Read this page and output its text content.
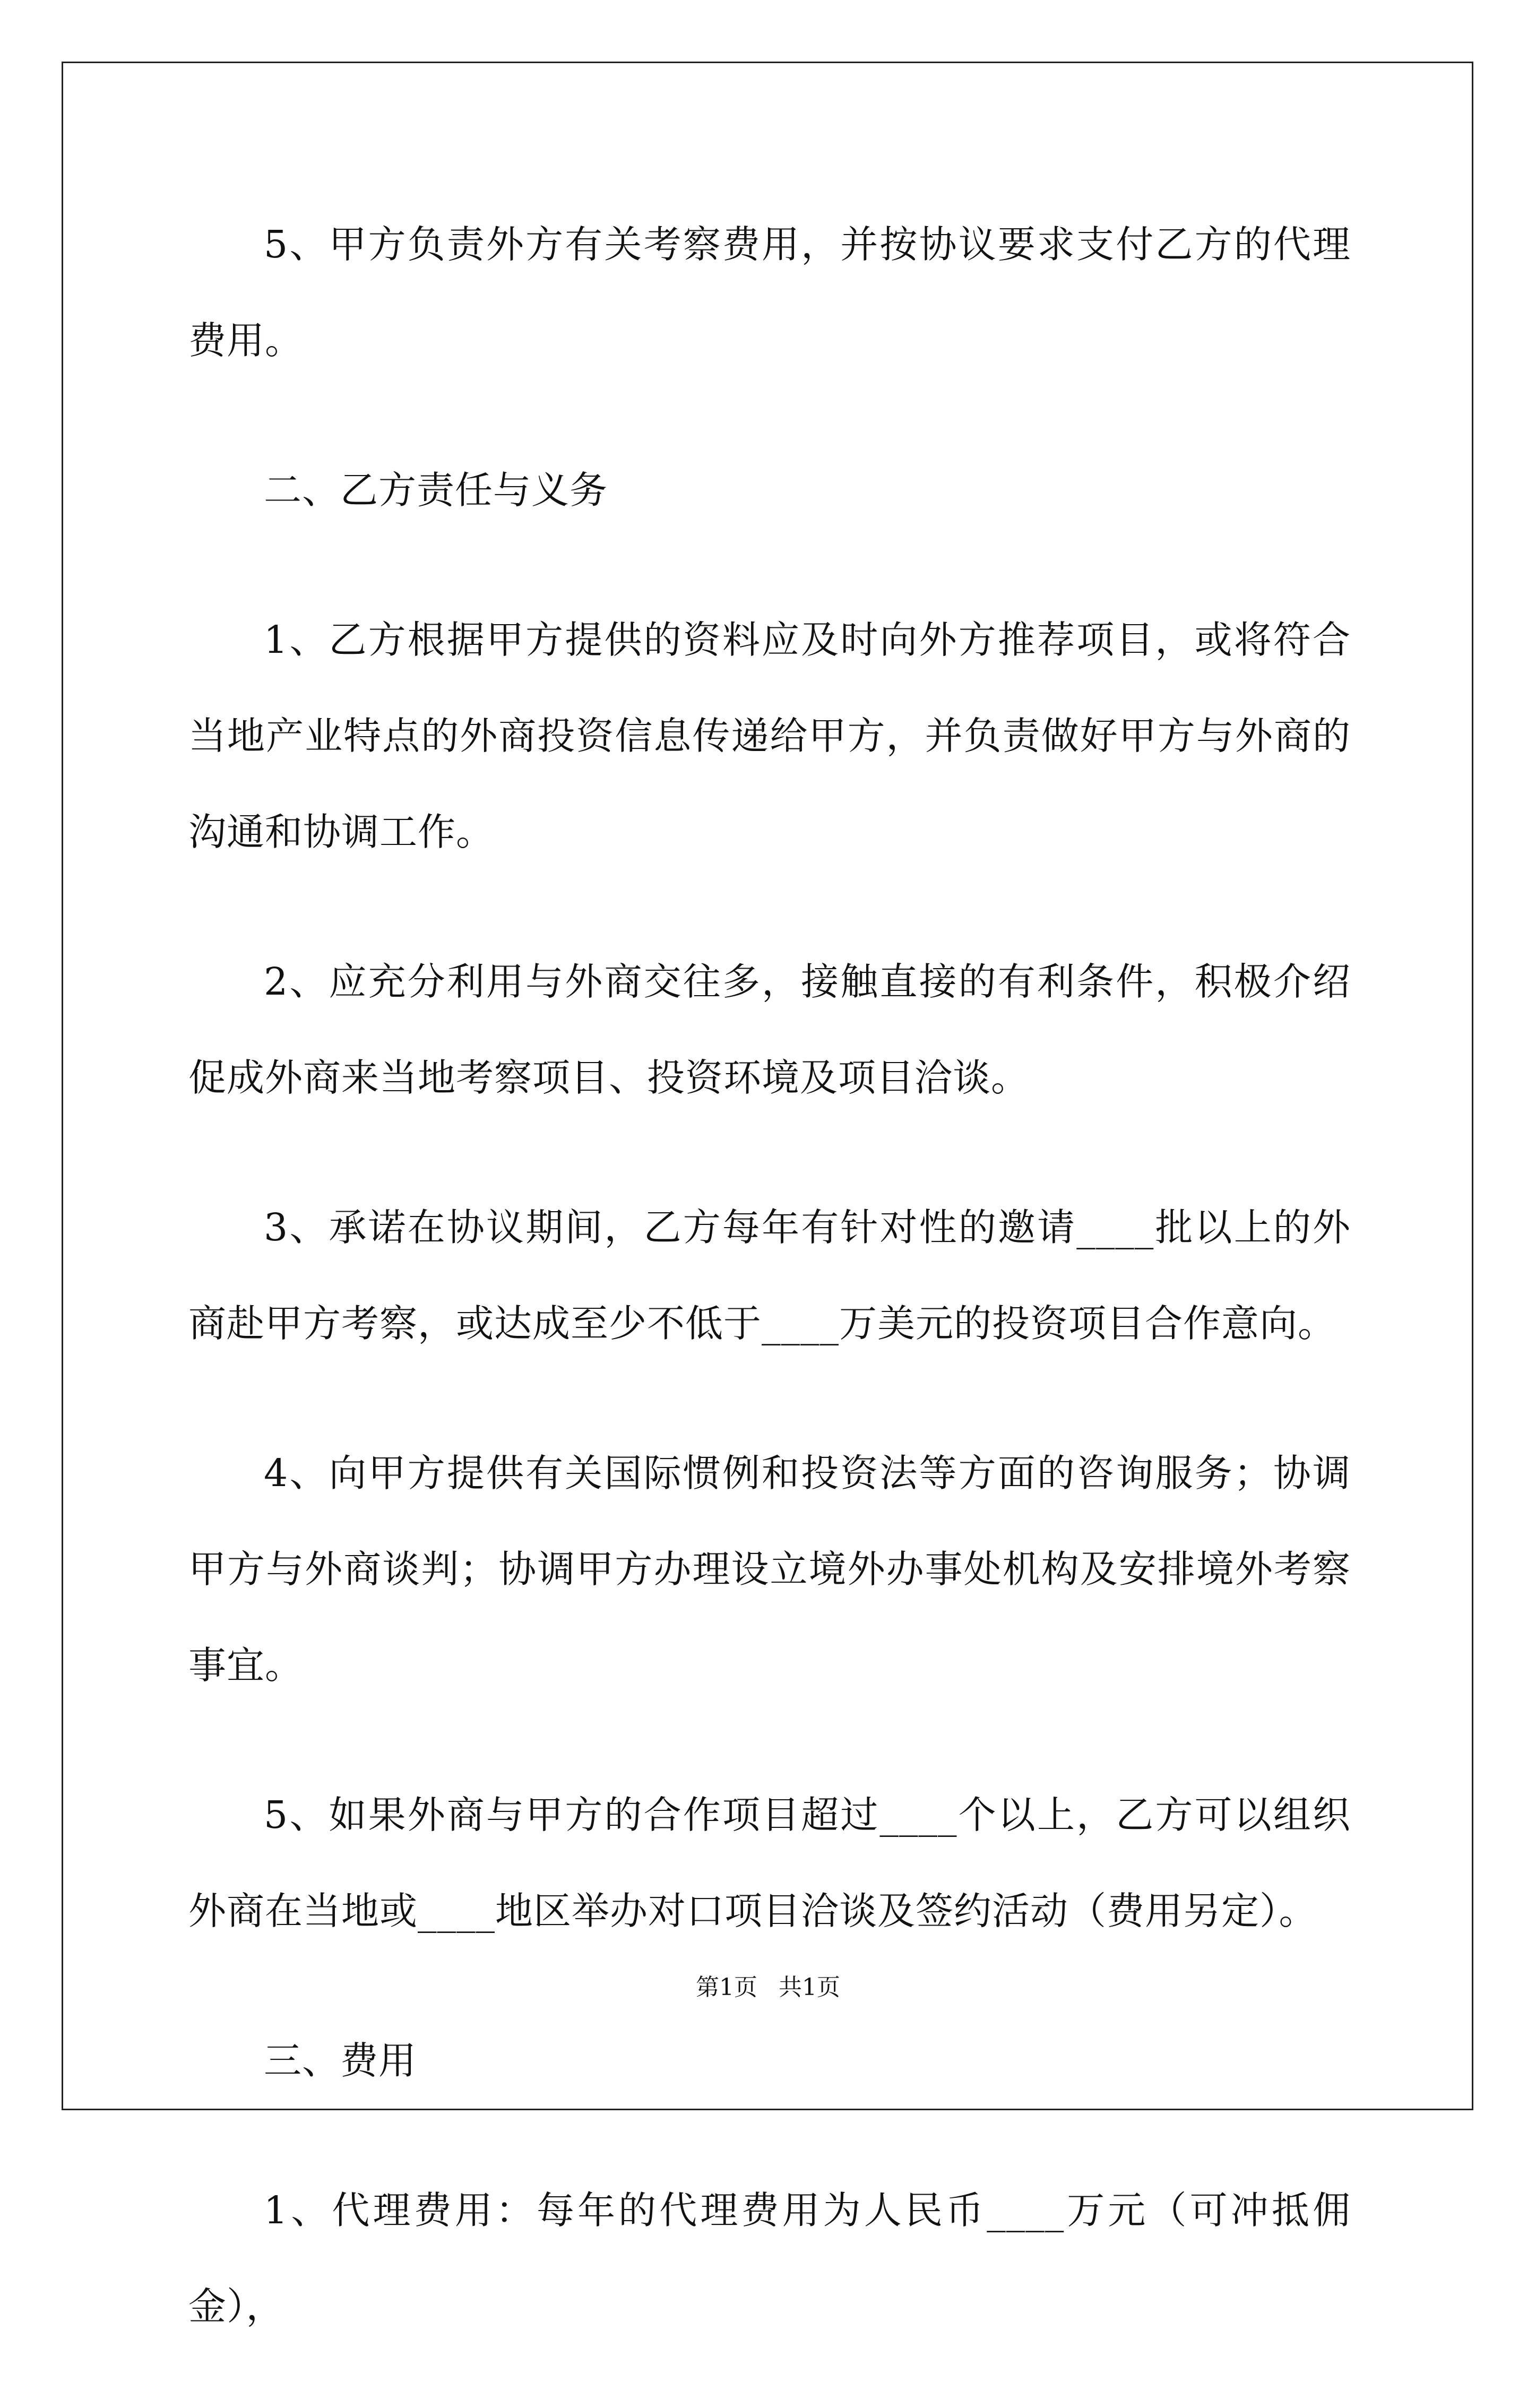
5、甲方负责外方有关考察费用，并按协议要求支付乙方的代理费用。

二、乙方责任与义务

1、乙方根据甲方提供的资料应及时向外方推荐项目，或将符合当地产业特点的外商投资信息传递给甲方，并负责做好甲方与外商的沟通和协调工作。

2、应充分利用与外商交往多，接触直接的有利条件，积极介绍促成外商来当地考察项目、投资环境及项目洽谈。

3、承诺在协议期间，乙方每年有针对性的邀请____批以上的外商赴甲方考察，或达成至少不低于____万美元的投资项目合作意向。

4、向甲方提供有关国际惯例和投资法等方面的咨询服务；协调甲方与外商谈判；协调甲方办理设立境外办事处机构及安排境外考察事宜。

5、如果外商与甲方的合作项目超过____个以上，乙方可以组织外商在当地或____地区举办对口项目洽谈及签约活动（费用另定）。

三、费用

1、代理费用：每年的代理费用为人民币____万元（可冲抵佣金），

第1页 共1页
